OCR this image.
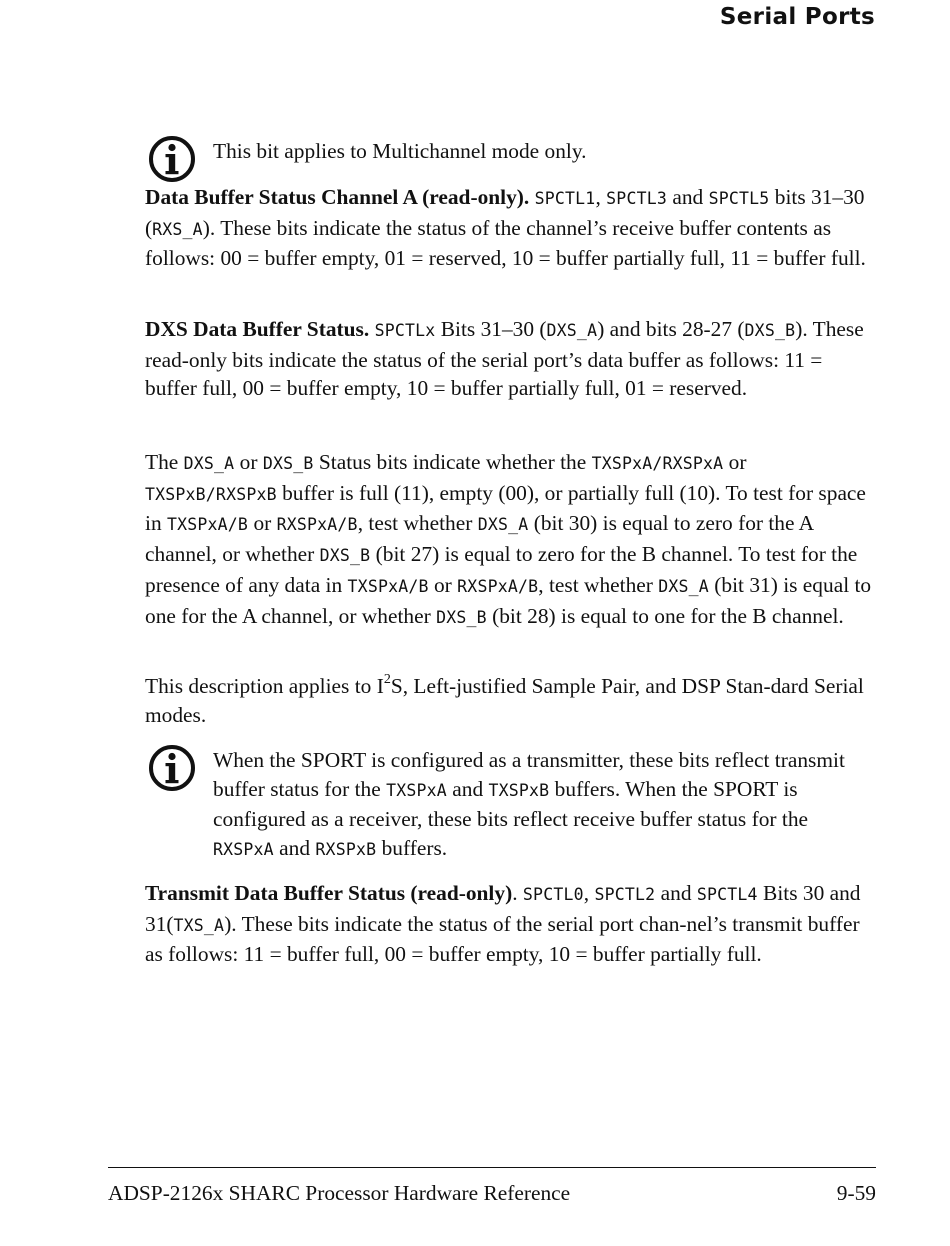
Serial Ports

This bit applies to Multichannel mode only.

Data Buffer Status Channel A (read-only). SPCTL1, SPCTL3 and SPCTL5 bits 31–30 (RXS_A). These bits indicate the status of the channel’s receive buffer contents as follows: 00 = buffer empty, 01 = reserved, 10 = buffer partially full, 11 = buffer full.

DXS Data Buffer Status. SPCTLx Bits 31–30 (DXS_A) and bits 28-27 (DXS_B). These read-only bits indicate the status of the serial port’s data buffer as follows: 11 = buffer full, 00 = buffer empty, 10 = buffer partially full, 01 = reserved.

The DXS_A or DXS_B Status bits indicate whether the TXSPxA/RXSPxA or TXSPxB/RXSPxB buffer is full (11), empty (00), or partially full (10). To test for space in TXSPxA/B or RXSPxA/B, test whether DXS_A (bit 30) is equal to zero for the A channel, or whether DXS_B (bit 27) is equal to zero for the B channel. To test for the presence of any data in TXSPxA/B or RXSPxA/B, test whether DXS_A (bit 31) is equal to one for the A channel, or whether DXS_B (bit 28) is equal to one for the B channel.

This description applies to $I^2S$, Left-justified Sample Pair, and DSP Stan-dard Serial modes.

When the SPORT is configured as a transmitter, these bits reflect transmit buffer status for the TXSPxA and TXSPxB buffers. When the SPORT is configured as a receiver, these bits reflect receive buffer status for the RXSPxA and RXSPxB buffers.

Transmit Data Buffer Status (read-only). SPCTL0, SPCTL2 and SPCTL4 Bits 30 and 31(TXS_A). These bits indicate the status of the serial port chan-nel’s transmit buffer as follows: 11 = buffer full, 00 = buffer empty, 10 = buffer partially full.

ADSP-2126x SHARC Processor Hardware Reference	9-59
